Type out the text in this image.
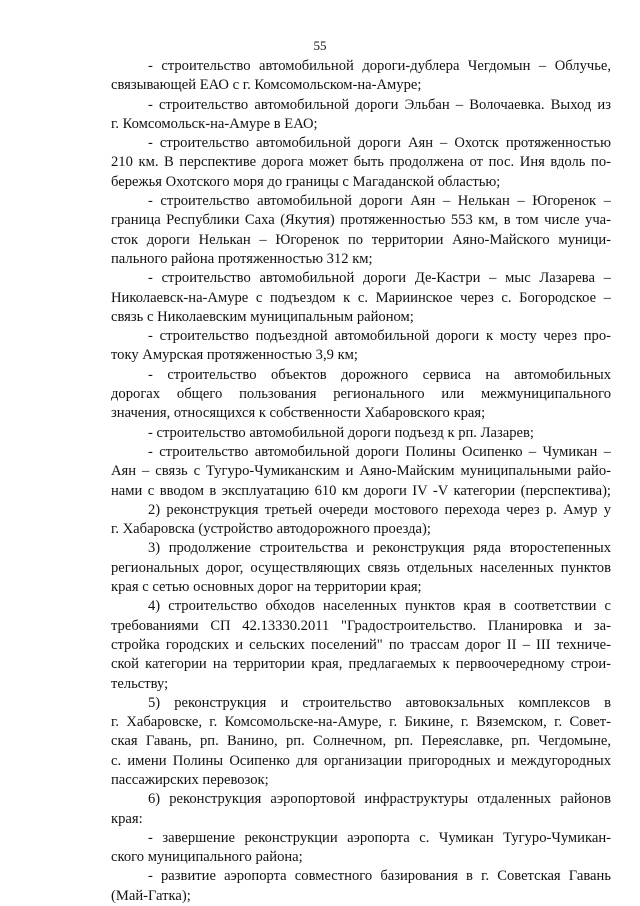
55
- строительство автомобильной дороги-дублера Чегдомын – Облучье,
связывающей ЕАО с г. Комсомольском-на-Амуре;
- строительство автомобильной дороги Эльбан – Волочаевка. Выход из
г. Комсомольск-на-Амуре в ЕАО;
- строительство автомобильной дороги Аян – Охотск протяженностью
210 км. В перспективе дорога может быть продолжена от пос. Иня вдоль по-
бережья Охотского моря до границы с Магаданской областью;
- строительство автомобильной дороги Аян – Нелькан – Югоренок –
граница Республики Саха (Якутия) протяженностью 553 км, в том числе уча-
сток дороги Нелькан – Югоренок по территории Аяно-Майского муници-
пального района протяженностью 312 км;
- строительство автомобильной дороги Де-Кастри – мыс Лазарева –
Николаевск-на-Амуре с подъездом к с. Мариинское через с. Богородское –
связь с Николаевским муниципальным районом;
- строительство подъездной автомобильной дороги к мосту через про-
току Амурская протяженностью 3,9 км;
- строительство объектов дорожного сервиса на автомобильных
дорогах общего пользования регионального или межмуниципального
значения, относящихся к собственности Хабаровского края;
- строительство автомобильной дороги подъезд к рп. Лазарев;
- строительство автомобильной дороги Полины Осипенко – Чумикан –
Аян – связь с Тугуро-Чумиканским и Аяно-Майским муниципальными райо-
нами с вводом в эксплуатацию 610 км дороги IV -V категории (перспектива);
2) реконструкция третьей очереди мостового перехода через р. Амур у
г. Хабаровска (устройство автодорожного проезда);
3) продолжение строительства и реконструкция ряда второстепенных
региональных дорог, осуществляющих связь отдельных населенных пунктов
края с сетью основных дорог на территории края;
4) строительство обходов населенных пунктов края в соответствии с
требованиями СП 42.13330.2011 "Градостроительство. Планировка и за-
стройка городских и сельских поселений" по трассам дорог II – III техниче-
ской категории на территории края, предлагаемых к первоочередному строи-
тельству;
5) реконструкция и строительство автовокзальных комплексов в
г. Хабаровске, г. Комсомольске-на-Амуре, г. Бикине, г. Вяземском, г. Совет-
ская Гавань, рп. Ванино, рп. Солнечном, рп. Переяславке, рп. Чегдомыне,
с. имени Полины Осипенко для организации пригородных и междугородных
пассажирских перевозок;
6) реконструкция аэропортовой инфраструктуры отдаленных районов
края:
- завершение реконструкции аэропорта с. Чумикан Тугуро-Чумикан-
ского муниципального района;
- развитие аэропорта совместного базирования в г. Советская Гавань
(Май-Гатка);
